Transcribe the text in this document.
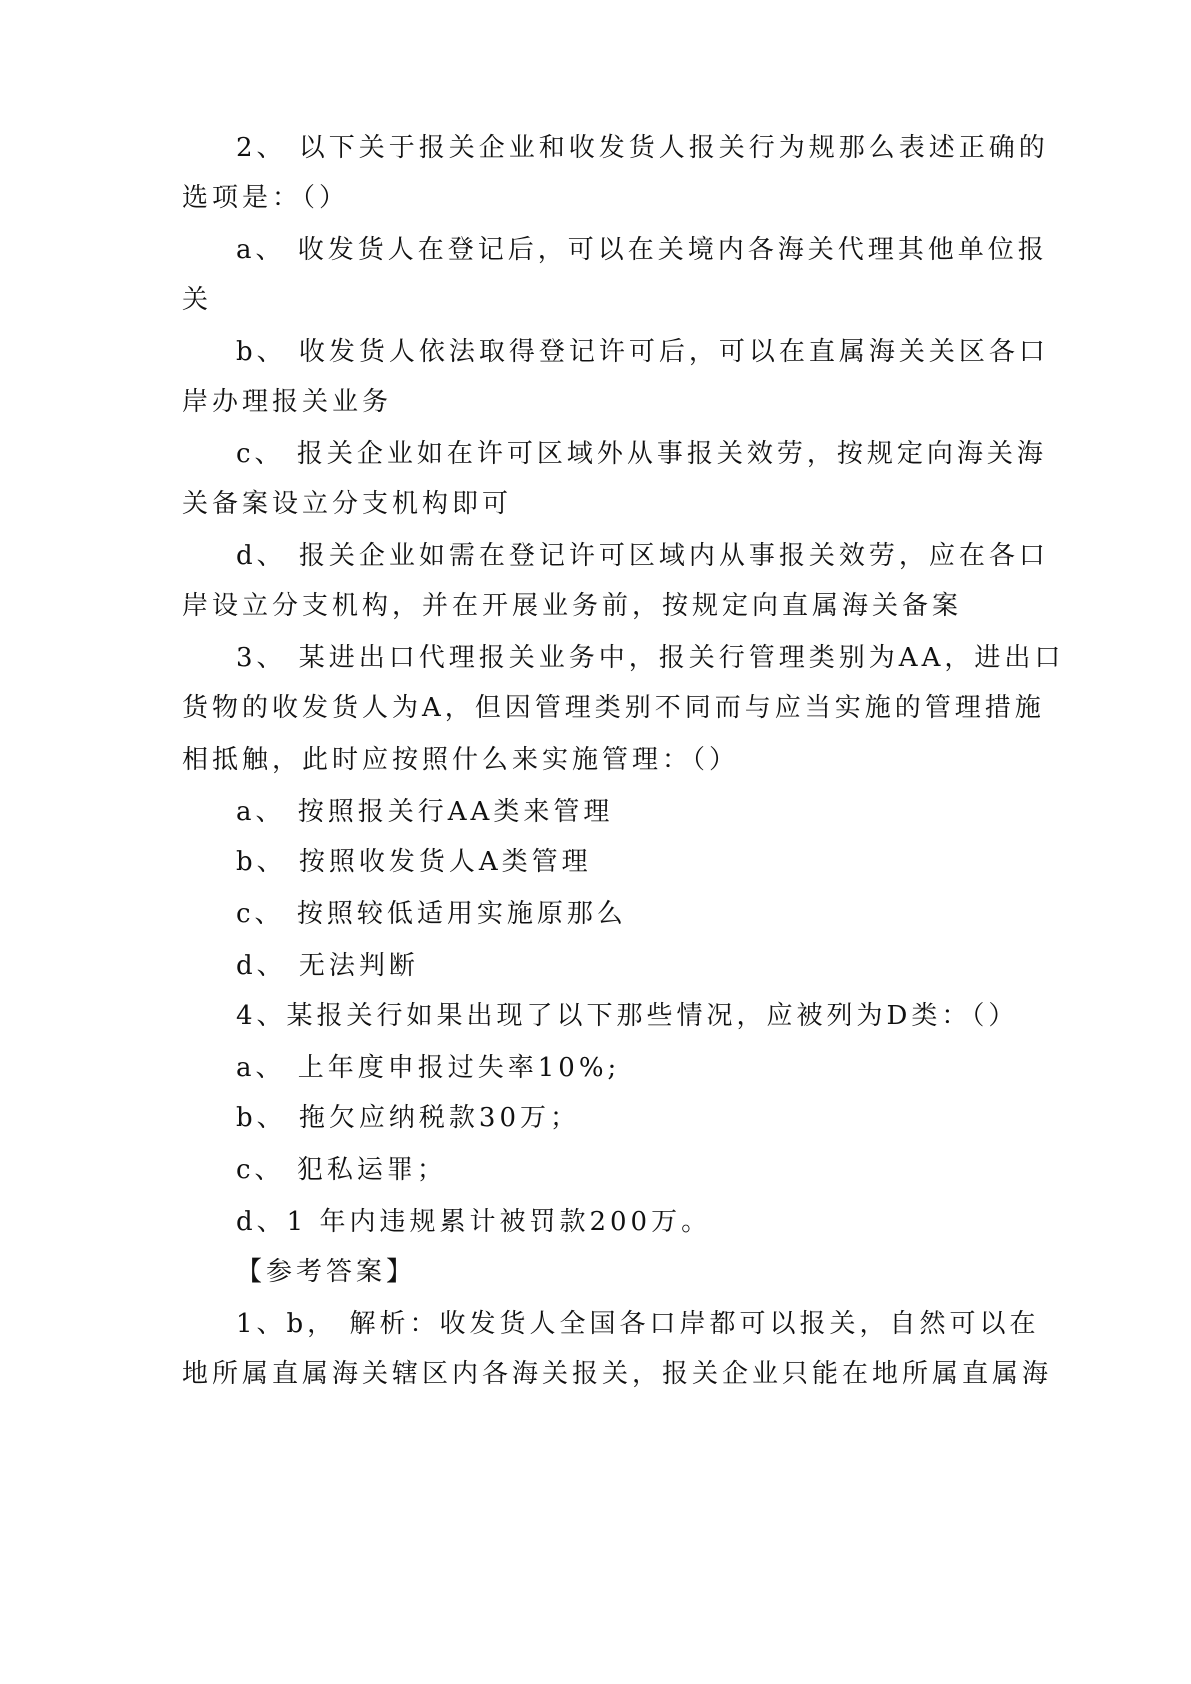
2、 以下关于报关企业和收发货人报关行为规那么表述正确的
选项是：（）
a、 收发货人在登记后，可以在关境内各海关代理其他单位报
关
b、 收发货人依法取得登记许可后，可以在直属海关关区各口
岸办理报关业务
c、 报关企业如在许可区域外从事报关效劳，按规定向海关海
关备案设立分支机构即可
d、 报关企业如需在登记许可区域内从事报关效劳，应在各口
岸设立分支机构，并在开展业务前，按规定向直属海关备案
3、 某进出口代理报关业务中，报关行管理类别为AA，进出口
货物的收发货人为A，但因管理类别不同而与应当实施的管理措施
相抵触，此时应按照什么来实施管理：（）
a、 按照报关行AA类来管理
b、 按照收发货人A类管理
c、 按照较低适用实施原那么
d、 无法判断
4、某报关行如果出现了以下那些情况，应被列为D类：（）
a、 上年度申报过失率10%;
b、 拖欠应纳税款30万；
c、 犯私运罪；
d、1 年内违规累计被罚款200万。
【参考答案】
1、b， 解析：收发货人全国各口岸都可以报关，自然可以在
地所属直属海关辖区内各海关报关，报关企业只能在地所属直属海
